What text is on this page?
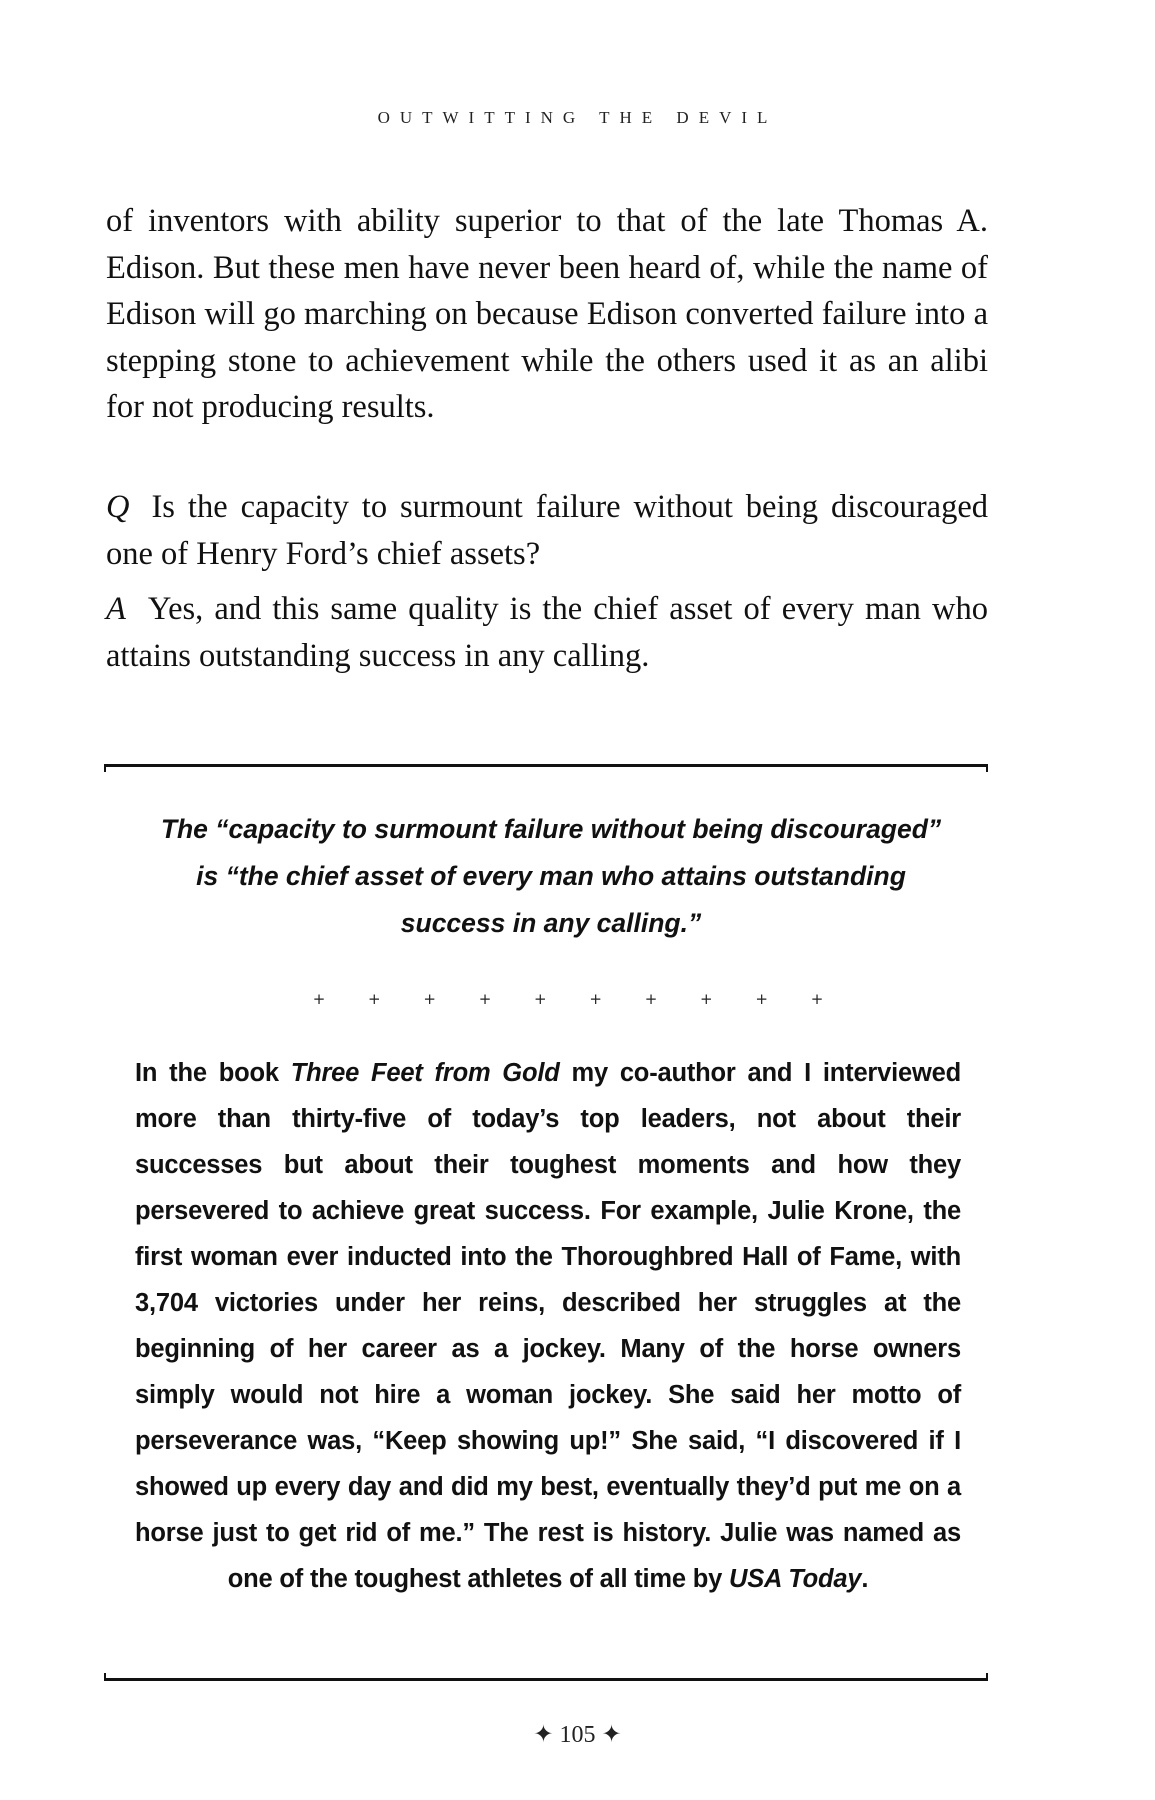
OUTWITTING THE DEVIL
of inventors with ability superior to that of the late Thomas A. Edison. But these men have never been heard of, while the name of Edison will go marching on because Edison converted failure into a stepping stone to achievement while the others used it as an alibi for not producing results.
Q Is the capacity to surmount failure without being discouraged one of Henry Ford’s chief assets?
A Yes, and this same quality is the chief asset of every man who attains outstanding success in any calling.
The “capacity to surmount failure without being discouraged”
is “the chief asset of every man who attains outstanding
success in any calling.”
+ + + + + + + + + +
In the book Three Feet from Gold my co-author and I interviewed more than thirty-five of today’s top leaders, not about their successes but about their toughest moments and how they persevered to achieve great success. For example, Julie Krone, the first woman ever inducted into the Thoroughbred Hall of Fame, with 3,704 victories under her reins, described her struggles at the beginning of her career as a jockey. Many of the horse owners simply would not hire a woman jockey. She said her motto of perseverance was, “Keep showing up!” She said, “I discovered if I showed up every day and did my best, eventually they’d put me on a horse just to get rid of me.” The rest is history. Julie was named as one of the toughest athletes of all time by USA Today.
✦ 105 ✦
